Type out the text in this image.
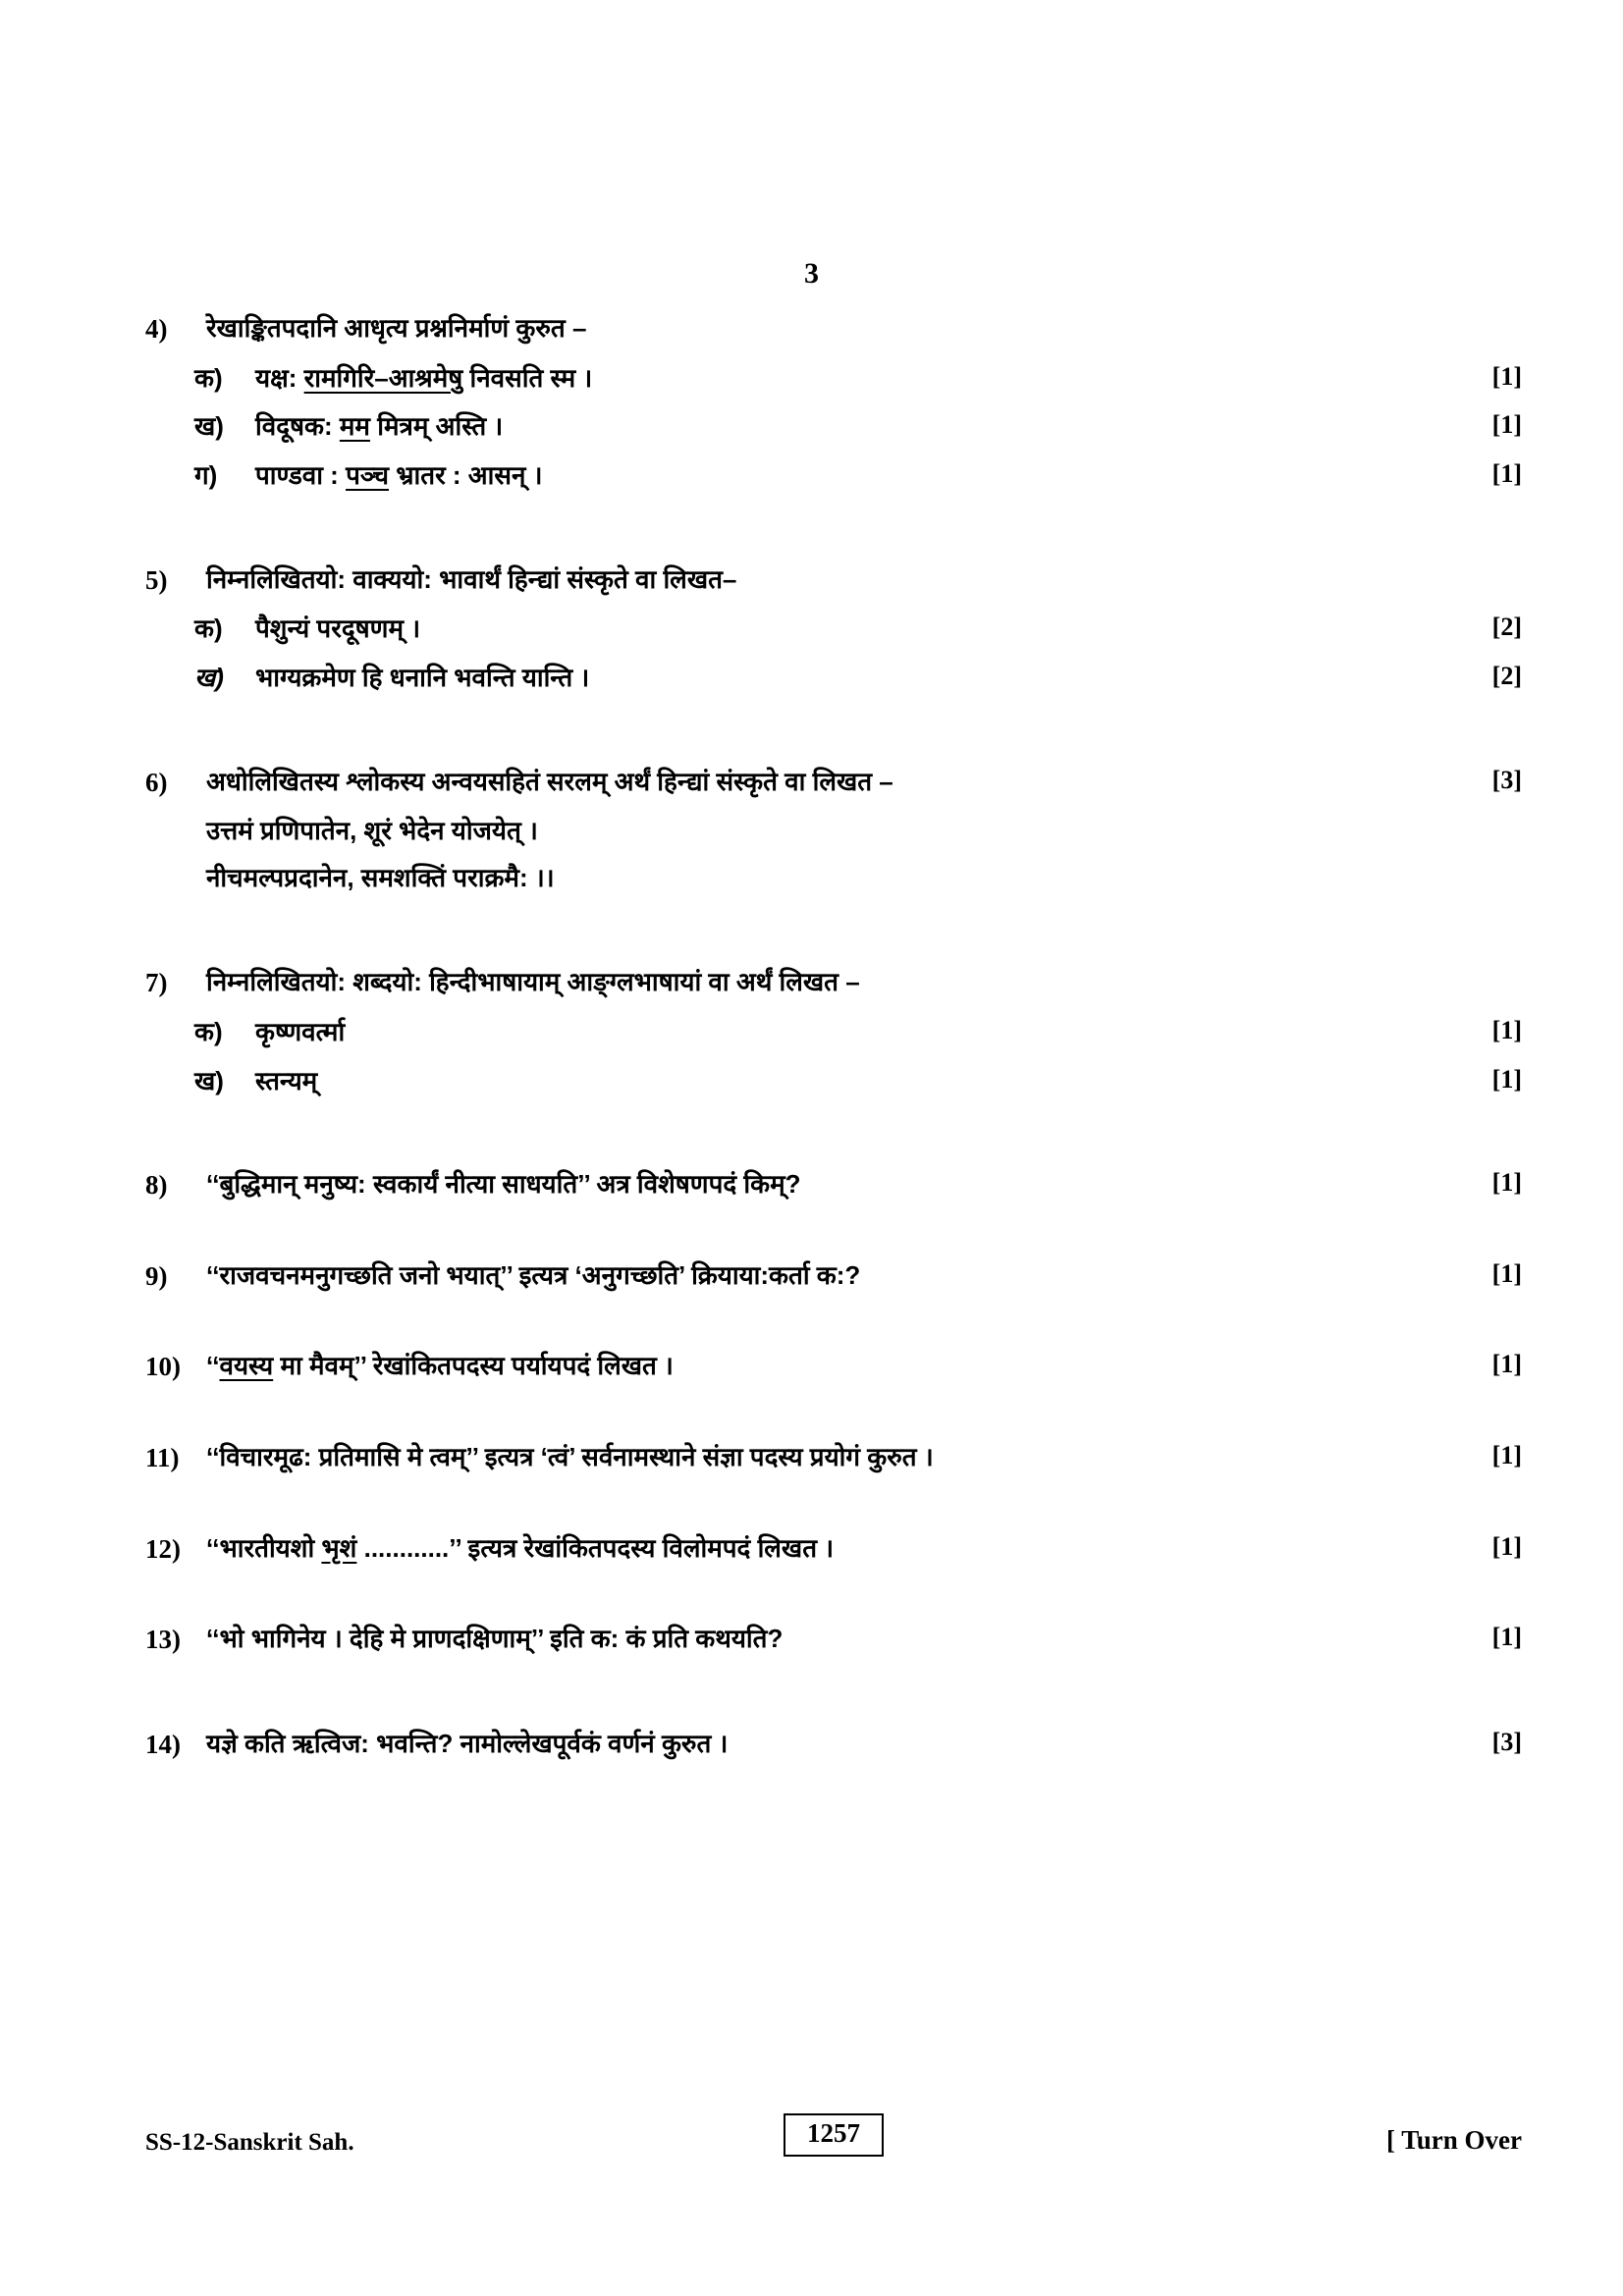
3
4)	रेखाङ्कितपदानि आधृत्य प्रश्ननिर्माणं कुरुत –
क)	यक्ष: रामगिरि–आश्रमेषु निवसति स्म ।	[1]
ख)	विदूषक: मम मित्रम् अस्ति ।	[1]
ग)	पाण्डवा : पञ्च भ्रातर : आसन् ।	[1]
5)	निम्नलिखितयो: वाक्ययो: भावार्थं हिन्द्यां संस्कृते वा लिखत–
क)	पैशुन्यं परदूषणम् ।	[2]
ख)	भाग्यक्रमेण हि धनानि भवन्ति यान्ति ।	[2]
6)	अधोलिखितस्य श्लोकस्य अन्वयसहितं सरलम् अर्थं हिन्द्यां संस्कृते वा लिखत –	[3]
उत्तमं प्रणिपातेन, शूरं भेदेन योजयेत् ।
नीचमल्पप्रदानेन, समशक्तिं पराक्रमै: ।।
7)	निम्नलिखितयो: शब्दयो: हिन्दीभाषायाम् आङ्ग्लभाषायां वा अर्थं लिखत –
क)	कृष्णवर्त्मा	[1]
ख)	स्तन्यम्	[1]
8)	‘‘बुद्धिमान् मनुष्य: स्वकार्यं नीत्या साधयति’’ अत्र विशेषणपदं किम्?	[1]
9)	‘‘राजवचनमनुगच्छति जनो भयात्’’ इत्यत्र ‘अनुगच्छति’ क्रियाया:कर्ता क:?	[1]
10)	‘‘वयस्य मा मैवम्’’ रेखांकितपदस्य पर्यायपदं लिखत ।	[1]
11)	‘‘विचारमूढ: प्रतिमासि मे त्वम्’’ इत्यत्र ‘त्वं’ सर्वनामस्थाने संज्ञा पदस्य प्रयोगं कुरुत ।	[1]
12)	‘‘भारतीयशो भृशं ............’’ इत्यत्र रेखांकितपदस्य विलोमपदं लिखत ।	[1]
13)	‘‘भो भागिनेय । देहि मे प्राणदक्षिणाम्’’ इति क: कं प्रति कथयति?	[1]
14)	यज्ञे कति ऋत्विज: भवन्ति? नामोल्लेखपूर्वकं वर्णनं कुरुत ।	[3]
SS-12-Sanskrit Sah.	1257	[ Turn Over
